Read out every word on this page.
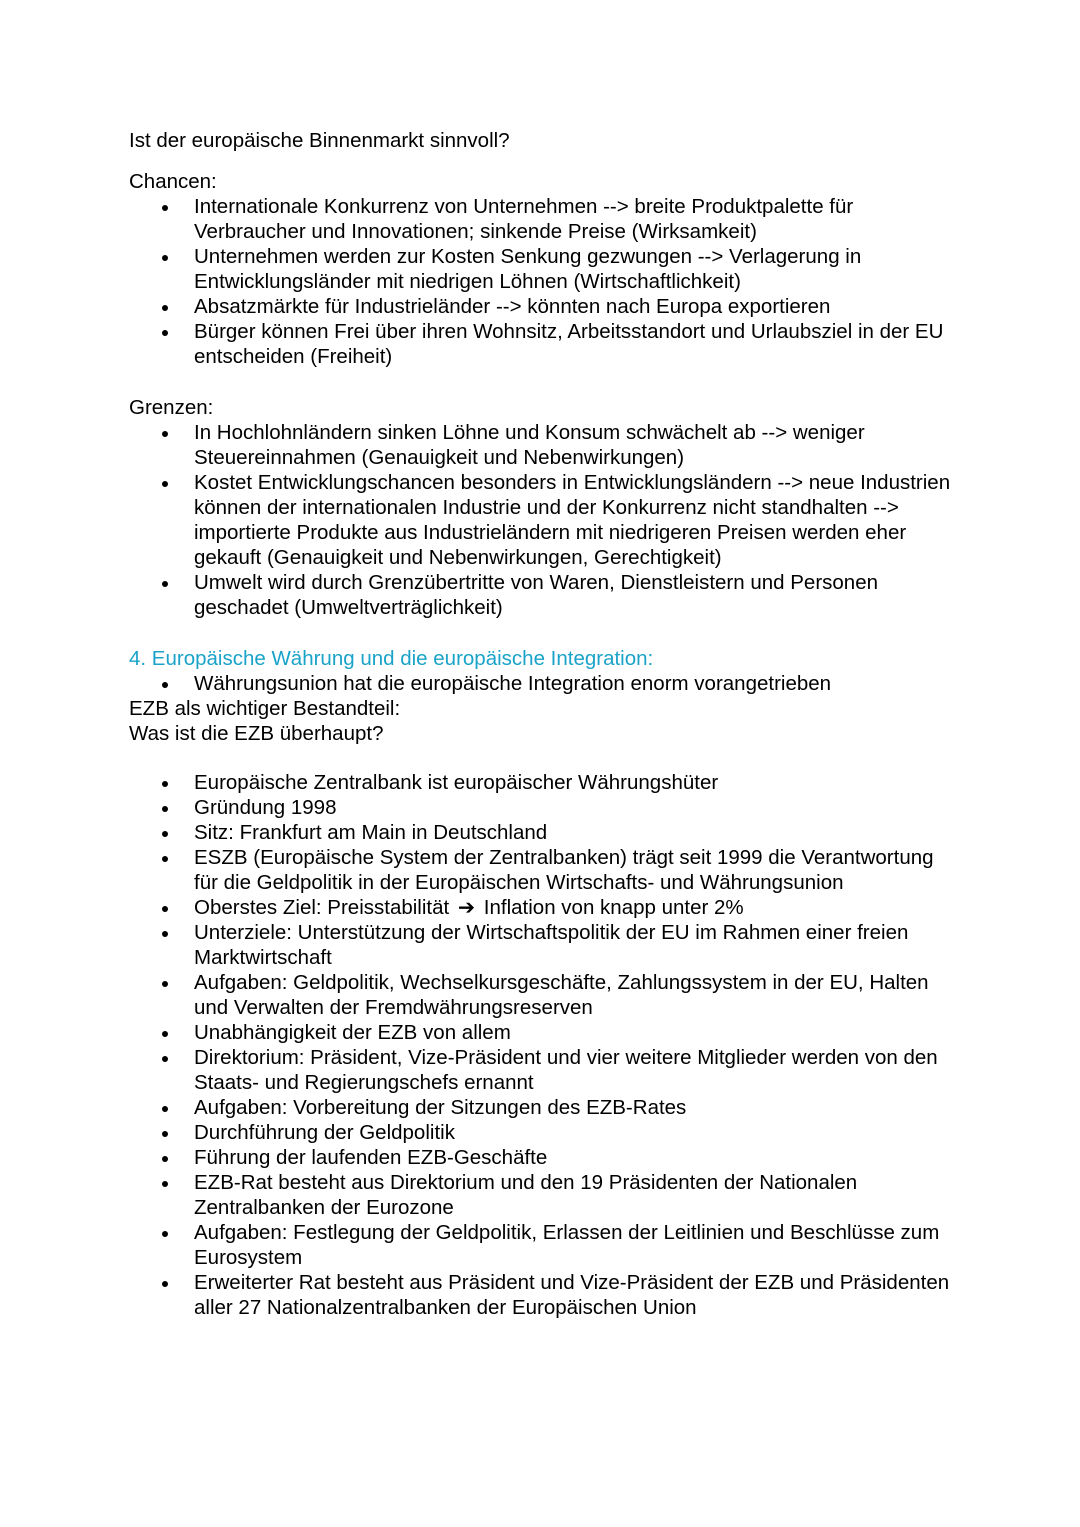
Ist der europäische Binnenmarkt sinnvoll?

Chancen:

Internationale Konkurrenz von Unternehmen --> breite Produktpalette für Verbraucher und Innovationen; sinkende Preise (Wirksamkeit)
Unternehmen werden zur Kosten Senkung gezwungen --> Verlagerung in Entwicklungsländer mit niedrigen Löhnen (Wirtschaftlichkeit)
Absatzmärkte für Industrieländer --> könnten nach Europa exportieren
Bürger können Frei über ihren Wohnsitz, Arbeitsstandort und Urlaubsziel in der EU entscheiden (Freiheit)

Grenzen:

In Hochlohnländern sinken Löhne und Konsum schwächelt ab --> weniger Steuereinnahmen (Genauigkeit und Nebenwirkungen)
Kostet Entwicklungschancen besonders in Entwicklungsländern --> neue Industrien können der internationalen Industrie und der Konkurrenz nicht standhalten --> importierte Produkte aus Industrieländern mit niedrigeren Preisen werden eher gekauft (Genauigkeit und Nebenwirkungen, Gerechtigkeit)
Umwelt wird durch Grenzübertritte von Waren, Dienstleistern und Personen geschadet (Umweltverträglichkeit)

4. Europäische Währung und die europäische Integration:

Währungsunion hat die europäische Integration enorm vorangetrieben

EZB als wichtiger Bestandteil:

Was ist die EZB überhaupt?

Europäische Zentralbank ist europäischer Währungshüter
Gründung 1998
Sitz: Frankfurt am Main in Deutschland
ESZB (Europäische System der Zentralbanken) trägt seit 1999 die Verantwortung für die Geldpolitik in der Europäischen Wirtschafts- und Währungsunion
Oberstes Ziel: Preisstabilität ➔ Inflation von knapp unter 2%
Unterziele: Unterstützung der Wirtschaftspolitik der EU im Rahmen einer freien Marktwirtschaft
Aufgaben: Geldpolitik, Wechselkursgeschäfte, Zahlungssystem in der EU, Halten und Verwalten der Fremdwährungsreserven
Unabhängigkeit der EZB von allem
Direktorium: Präsident, Vize-Präsident und vier weitere Mitglieder werden von den Staats- und Regierungschefs ernannt
Aufgaben: Vorbereitung der Sitzungen des EZB-Rates
Durchführung der Geldpolitik
Führung der laufenden EZB-Geschäfte
EZB-Rat besteht aus Direktorium und den 19 Präsidenten der Nationalen Zentralbanken der Eurozone
Aufgaben: Festlegung der Geldpolitik, Erlassen der Leitlinien und Beschlüsse zum Eurosystem
Erweiterter Rat besteht aus Präsident und Vize-Präsident der EZB und Präsidenten aller 27 Nationalzentralbanken der Europäischen Union
